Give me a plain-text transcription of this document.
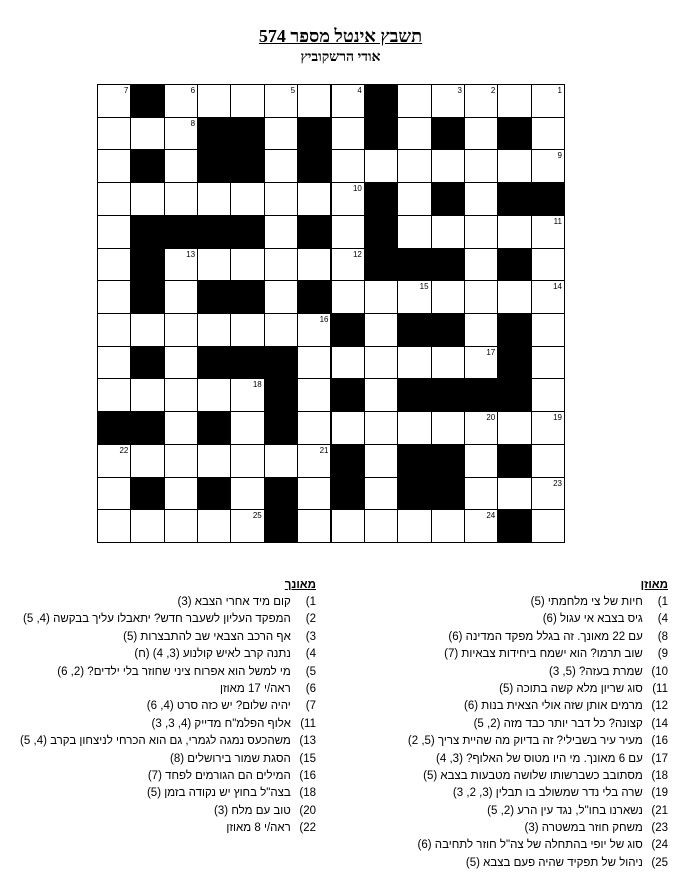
תשבץ אינטל מספר 574
אודי הרשקוביץ
7	6	5	4	3	2	1
8
9
10
11
13	12
15	14
16
17
18
20	19
22	21
23
25	24
מאונך
1) קום מיד אחרי הצבא (3)
2) המפקד העליון לשעבר חדש? יתאבלו עליך בבקשה (4, 5)
3) אף הרכב הצבאי שב להתבצרות (5)
4) נתנה קרב לאיש קולנוע (3, 4) (ח)
5) מי למשל הוא אפרוח ציני שחוזר בלי ילדים? (2, 6)
6) ראה/י 17 מאוזן
7) יהיה שלום? יש כזה סרט (4, 6)
11) אלוף הפלמ"ח מדייק (4, 3, 3)
13) משהכעס נמגה לגמרי, גם הוא הכרחי לניצחון בקרב (4, 5)
15) הסגת שמור בירושלים (8)
16) המילים הם הגורמים לפחד (7)
18) בצה"ל בחוץ יש נקודה בזמן (5)
20) טוב עם מלח (3)
22) ראה/י 8 מאוזן
מאוזן
1) חיות של צי מלחמתי (5)
4) גיס בצבא אי עגול (6)
8) עם 22 מאונך. זה בגלל מפקד המדינה (6)
9) שוב תרמו? הוא ישמח ביחידות צבאיות (7)
10) שמרת בעזה? (5, 3)
11) סוג שריון מלא קשה בתוכה (5)
12) מרמים אותן שזה אולי הצאית בנות (6)
14) קצונה? כל דבר יותר כבד מזה (2, 5)
16) מעיר עיר בשבילי? זה בדיוק מה שהיית צריך (5, 2)
17) עם 6 מאונך. מי היו מטוס של האלוף? (3, 4)
18) מסתובב כשברשותו שלושה מטבעות בצבא (5)
19) שרה בלי נדר שמשולב בו תבלין (3, 2, 3)
21) נשארנו בחו"ל, נגד עין הרע (2, 5)
23) משחק חוזר במשטרה (3)
24) סוג של יופי בהתחלה של צה"ל חוזר לתחיבה (6)
25) ניהול של תפקיד שהיה פעם בצבא (5)
